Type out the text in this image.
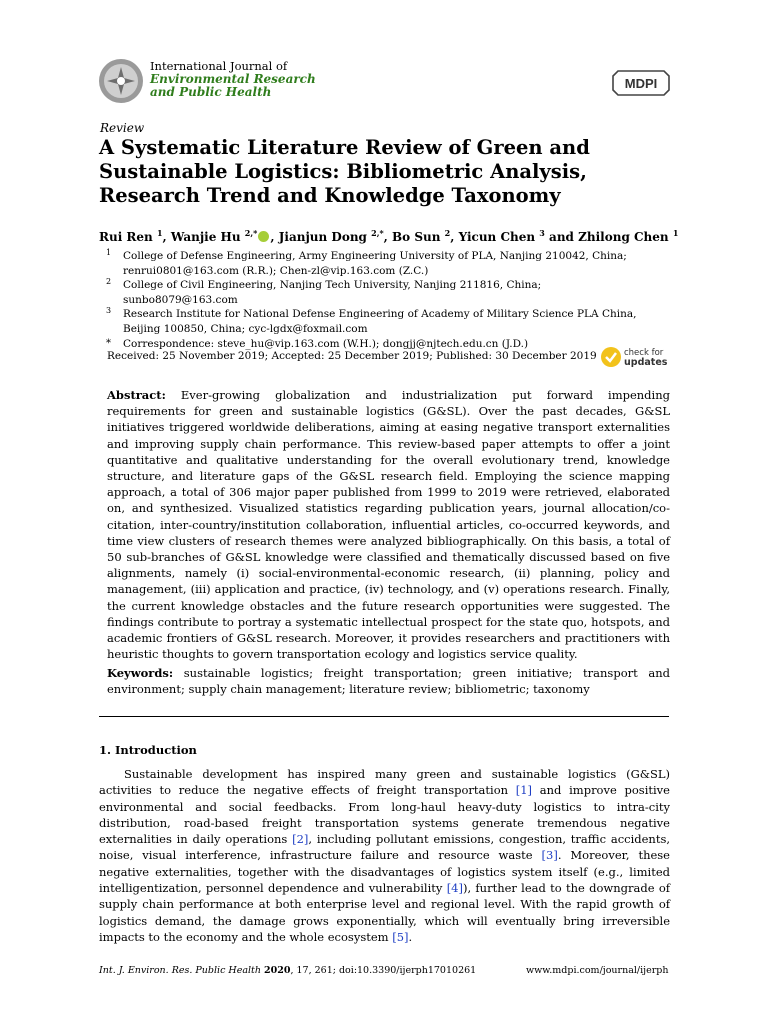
International Journal of
Environmental Research
and Public Health
MDPI
Review
A Systematic Literature Review of Green and
Sustainable Logistics: Bibliometric Analysis,
Research Trend and Knowledge Taxonomy
Rui Ren $^1$, Wanjie Hu $^{2,*}$ , Jianjun Dong $^{2,*}$, Bo Sun $^2$, Yicun Chen $^3$ and Zhilong Chen $^1$
1 College of Defense Engineering, Army Engineering University of PLA, Nanjing 210042, China;
renrui0801@163.com (R.R.); Chen-zl@vip.163.com (Z.C.)
2 College of Civil Engineering, Nanjing Tech University, Nanjing 211816, China; sunbo8079@163.com
3 Research Institute for National Defense Engineering of Academy of Military Science PLA China,
Beijing 100850, China; cyc-lgdx@foxmail.com
* Correspondence: steve_hu@vip.163.com (W.H.); dongjj@njtech.edu.cn (J.D.)
Received: 25 November 2019; Accepted: 25 December 2019; Published: 30 December 2019	check for
updates
Abstract: Ever-growing globalization and industrialization put forward impending requirements for green and sustainable logistics (G&SL). Over the past decades, G&SL initiatives triggered worldwide deliberations, aiming at easing negative transport externalities and improving supply chain performance. This review-based paper attempts to offer a joint quantitative and qualitative understanding for the overall evolutionary trend, knowledge structure, and literature gaps of the G&SL research field. Employing the science mapping approach, a total of 306 major paper published from 1999 to 2019 were retrieved, elaborated on, and synthesized. Visualized statistics regarding publication years, journal allocation/co-citation, inter-country/institution collaboration, influential articles, co-occurred keywords, and time view clusters of research themes were analyzed bibliographically. On this basis, a total of 50 sub-branches of G&SL knowledge were classified and thematically discussed based on five alignments, namely (i) social-environmental-economic research, (ii) planning, policy and management, (iii) application and practice, (iv) technology, and (v) operations research. Finally, the current knowledge obstacles and the future research opportunities were suggested. The findings contribute to portray a systematic intellectual prospect for the state quo, hotspots, and academic frontiers of G&SL research. Moreover, it provides researchers and practitioners with heuristic thoughts to govern transportation ecology and logistics service quality.
Keywords: sustainable logistics; freight transportation; green initiative; transport and environment; supply chain management; literature review; bibliometric; taxonomy
1. Introduction
Sustainable development has inspired many green and sustainable logistics (G&SL) activities to reduce the negative effects of freight transportation [1] and improve positive environmental and social feedbacks. From long-haul heavy-duty logistics to intra-city distribution, road-based freight transportation systems generate tremendous negative externalities in daily operations [2], including pollutant emissions, congestion, traffic accidents, noise, visual interference, infrastructure failure and resource waste [3]. Moreover, these negative externalities, together with the disadvantages of logistics system itself (e.g., limited intelligentization, personnel dependence and vulnerability [4]), further lead to the downgrade of supply chain performance at both enterprise level and regional level. With the rapid growth of logistics demand, the damage grows exponentially, which will eventually bring irreversible impacts to the economy and the whole ecosystem [5].
Int. J. Environ. Res. Public Health 2020, 17, 261; doi:10.3390/ijerph17010261	www.mdpi.com/journal/ijerph
